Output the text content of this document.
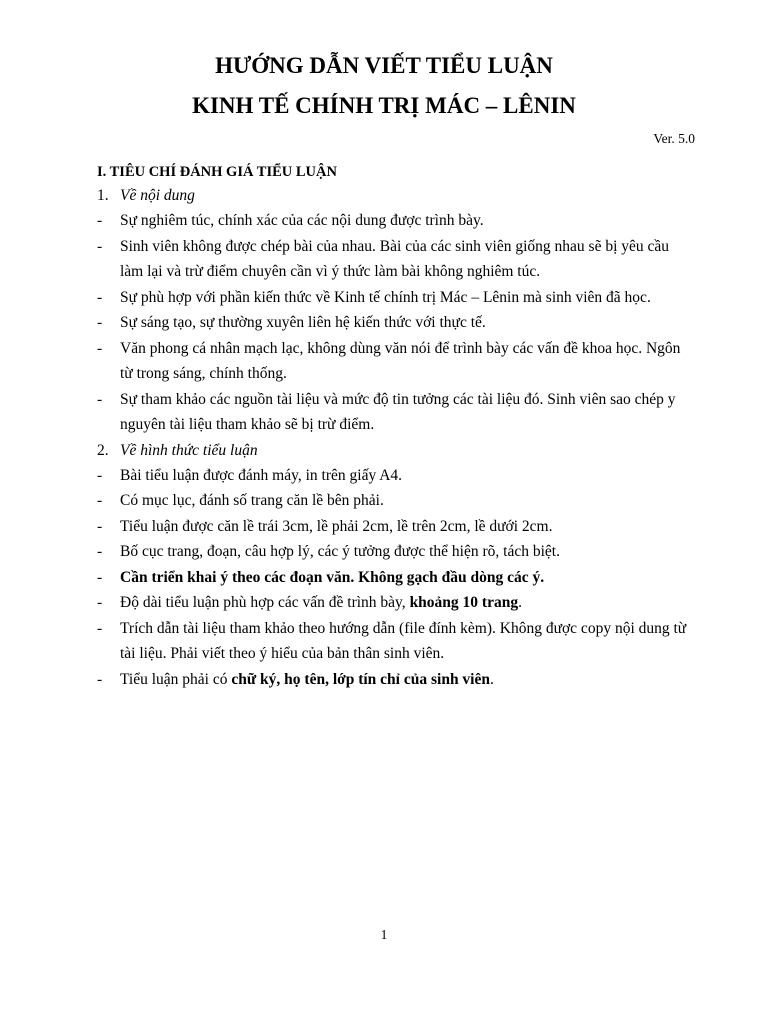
HƯỚNG DẪN VIẾT TIỂU LUẬN
KINH TẾ CHÍNH TRỊ MÁC – LÊNIN
Ver. 5.0
I. TIÊU CHÍ ĐÁNH GIÁ TIỂU LUẬN
1. Về nội dung
- Sự nghiêm túc, chính xác của các nội dung được trình bày.
- Sinh viên không được chép bài của nhau. Bài của các sinh viên giống nhau sẽ bị yêu cầu
làm lại và trừ điểm chuyên cần vì ý thức làm bài không nghiêm túc.
- Sự phù hợp với phần kiến thức về Kinh tế chính trị Mác – Lênin mà sinh viên đã học.
- Sự sáng tạo, sự thường xuyên liên hệ kiến thức với thực tế.
- Văn phong cá nhân mạch lạc, không dùng văn nói để trình bày các vấn đề khoa học. Ngôn
từ trong sáng, chính thống.
- Sự tham khảo các nguồn tài liệu và mức độ tin tưởng các tài liệu đó. Sinh viên sao chép y
nguyên tài liệu tham khảo sẽ bị trừ điểm.
2. Về hình thức tiểu luận
- Bài tiểu luận được đánh máy, in trên giấy A4.
- Có mục lục, đánh số trang căn lề bên phải.
- Tiểu luận được căn lề trái 3cm, lề phải 2cm, lề trên 2cm, lề dưới 2cm.
- Bố cục trang, đoạn, câu hợp lý, các ý tưởng được thể hiện rõ, tách biệt.
- Cần triển khai ý theo các đoạn văn. Không gạch đầu dòng các ý.
- Độ dài tiểu luận phù hợp các vấn đề trình bày, khoảng 10 trang.
- Trích dẫn tài liệu tham khảo theo hướng dẫn (file đính kèm). Không được copy nội dung từ
tài liệu. Phải viết theo ý hiểu của bản thân sinh viên.
- Tiểu luận phải có chữ ký, họ tên, lớp tín chỉ của sinh viên.
1
